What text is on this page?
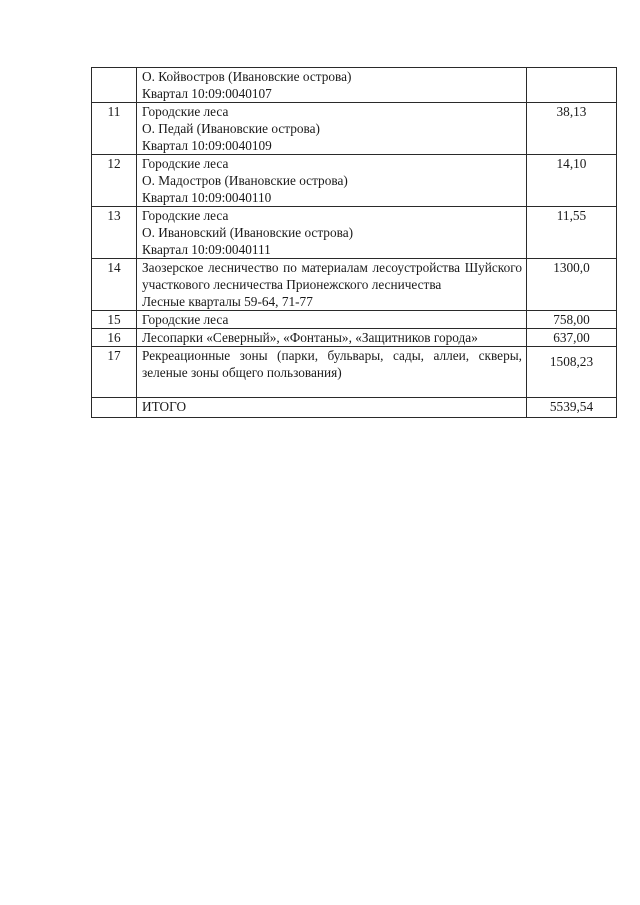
	О. Койвостров (Ивановские острова)
Квартал 10:09:0040107	

11	Городские леса
О. Педай (Ивановские острова)
Квартал 10:09:0040109	38,13

12	Городские леса
О. Мадостров (Ивановские острова)
Квартал 10:09:0040110	14,10

13	Городские леса
О. Ивановский (Ивановские острова)
Квартал 10:09:0040111	11,55

14	Заозерское лесничество по материалам лесоустройства Шуйского участкового лесничества Прионежского лесничества
Лесные кварталы 59-64, 71-77	1300,0

15	Городские леса	758,00

16	Лесопарки «Северный», «Фонтаны», «Защитников города»	637,00

17	Рекреационные зоны (парки, бульвары, сады, аллеи, скверы, зеленые зоны общего пользования)	1508,23

	ИТОГО	5539,54
